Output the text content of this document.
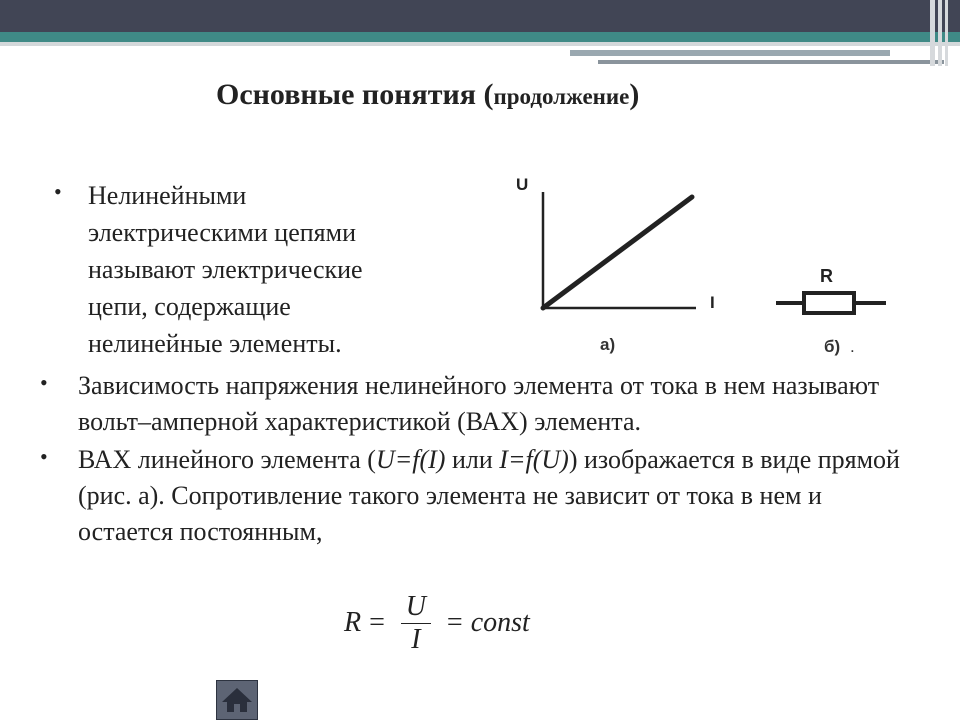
Основные понятия (продолжение)
• Нелинейными электрическими цепями называют электрические цепи, содержащие нелинейные элементы.
U
I
а)
R
б) .
• Зависимость напряжения нелинейного элемента от тока в нем называют вольт–амперной характеристикой (ВАХ) элемента.
• ВАХ линейного элемента (U=f(I) или I=f(U)) изображается в виде прямой (рис. а). Сопротивление такого элемента не зависит от тока в нем и остается постоянным,
$R = \frac{U}{I}$ = const
